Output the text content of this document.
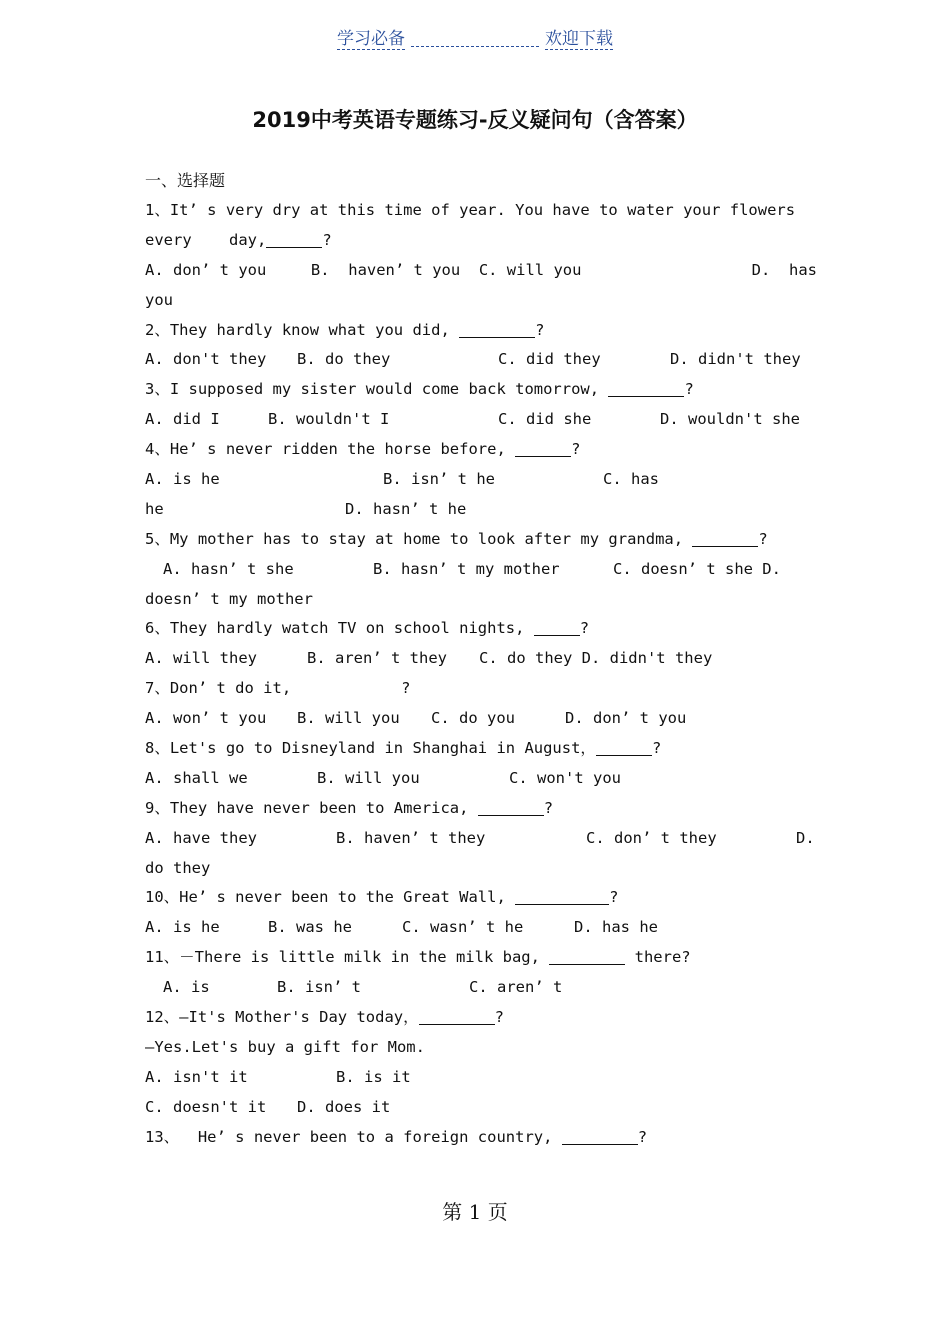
学习必备	欢迎下载
2019中考英语专题练习-反义疑问句（含答案）
一、选择题
1、It’ s very dry at this time of year. You have to water your flowers
every day,	?
A. don’ t you	B.  haven’ t you	C. will you	D.  has
you
2、They hardly know what you did,	?
A. don't they	B. do they	C. did they	D. didn't they
3、I supposed my sister would come back tomorrow,	?
A. did I	B. wouldn't I	C. did she	D. wouldn't she
4、He’ s never ridden the horse before,	?
A. is he	B. isn’ t he	C. has
he	D. hasn’ t he
5、My mother has to stay at home to look after my grandma,	?
A. hasn’ t she	B. hasn’ t my mother	C. doesn’ t she D.
doesn’ t my mother
6、They hardly watch TV on school nights,	?
A. will they	B. aren’ t they	C. do they D. didn't they
7、Don’ t do it,	?
A. won’ t you	B. will you	C. do you	D. don’ t you
8、Let's go to Disneyland in Shanghai in August，	?
A. shall we	B. will you	C. won't you
9、They have never been to America,	?
A. have they	B. haven’ t they	C. don’ t they	D.
do they
10、He’ s never been to the Great Wall,	?
A. is he	B. was he	C. wasn’ t he	D. has he
11、－There is little milk in the milk bag,	there?
A. is	B. isn’ t	C. aren’ t
12、—It's Mother's Day today，	?
—Yes.Let's buy a gift for Mom.
A. isn't it	B. is it
C. doesn't it	D. does it
13、  He’ s never been to a foreign country,	?
第 1 页
